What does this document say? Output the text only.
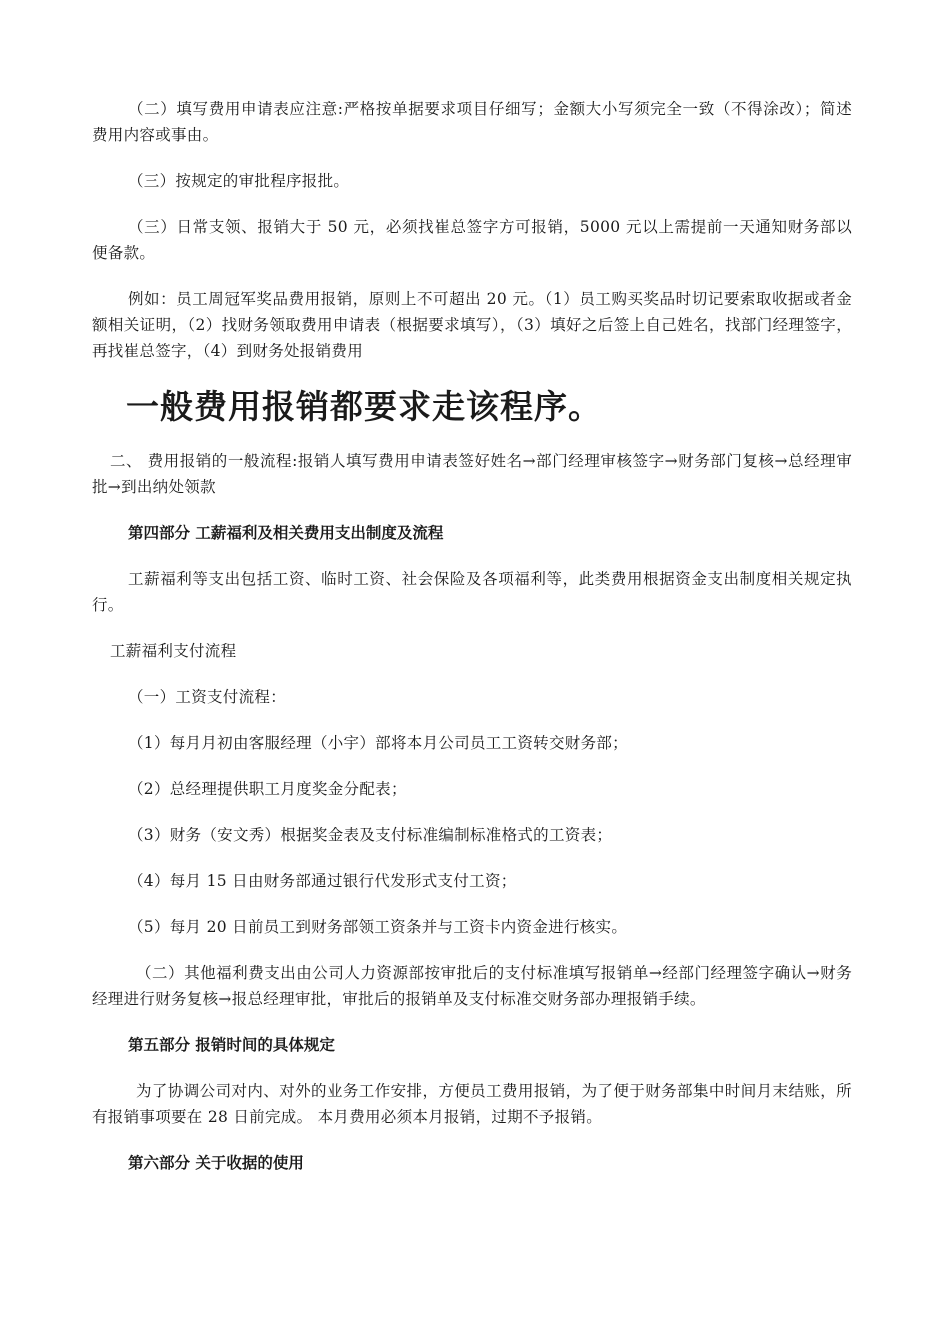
（二）填写费用申请表应注意:严格按单据要求项目仔细写；金额大小写须完全一致（不得涂改）；简述费用内容或事由。

（三）按规定的审批程序报批。

（三）日常支领、报销大于 50 元，必须找崔总签字方可报销，5000 元以上需提前一天通知财务部以便备款。

例如：员工周冠军奖品费用报销，原则上不可超出 20 元。（1）员工购买奖品时切记要索取收据或者金额相关证明，（2）找财务领取费用申请表（根据要求填写），（3）填好之后签上自己姓名，找部门经理签字，再找崔总签字，（4）到财务处报销费用

一般费用报销都要求走该程序。

二、 费用报销的一般流程:报销人填写费用申请表签好姓名→部门经理审核签字→财务部门复核→总经理审批→到出纳处领款

第四部分 工薪福利及相关费用支出制度及流程

工薪福利等支出包括工资、临时工资、社会保险及各项福利等，此类费用根据资金支出制度相关规定执行。

工薪福利支付流程

（一）工资支付流程：

（1）每月月初由客服经理（小宇）部将本月公司员工工资转交财务部；

（2）总经理提供职工月度奖金分配表；

（3）财务（安文秀）根据奖金表及支付标准编制标准格式的工资表；

（4）每月 15 日由财务部通过银行代发形式支付工资；

（5）每月 20 日前员工到财务部领工资条并与工资卡内资金进行核实。

（二）其他福利费支出由公司人力资源部按审批后的支付标准填写报销单→经部门经理签字确认→财务经理进行财务复核→报总经理审批，审批后的报销单及支付标准交财务部办理报销手续。

第五部分 报销时间的具体规定

为了协调公司对内、对外的业务工作安排，方便员工费用报销，为了便于财务部集中时间月末结账，所有报销事项要在 28 日前完成。 本月费用必须本月报销，过期不予报销。

第六部分 关于收据的使用
